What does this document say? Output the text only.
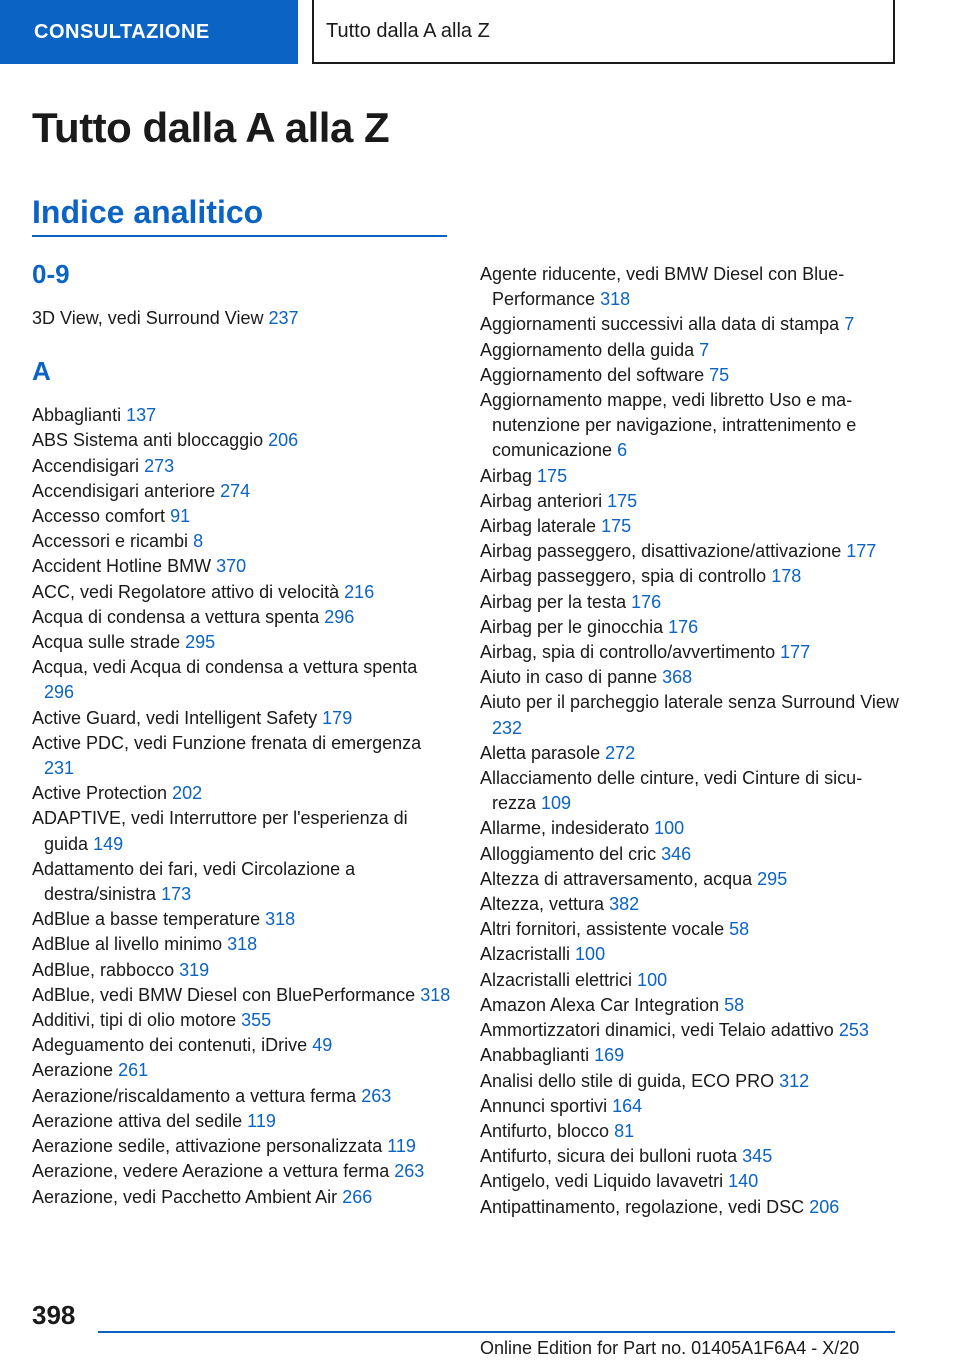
CONSULTAZIONE	Tutto dalla A alla Z
Tutto dalla A alla Z
Indice analitico
0-9
3D View, vedi Surround View 237
A
Abbaglianti 137
ABS Sistema anti bloccaggio 206
Accendisigari 273
Accendisigari anteriore 274
Accesso comfort 91
Accessori e ricambi 8
Accident Hotline BMW 370
ACC, vedi Regolatore attivo di velocità 216
Acqua di condensa a vettura spenta 296
Acqua sulle strade 295
Acqua, vedi Acqua di condensa a vettura spenta 296
Active Guard, vedi Intelligent Safety 179
Active PDC, vedi Funzione frenata di emergenza 231
Active Protection 202
ADAPTIVE, vedi Interruttore per l'esperienza di guida 149
Adattamento dei fari, vedi Circolazione a destra/sinistra 173
AdBlue a basse temperature 318
AdBlue al livello minimo 318
AdBlue, rabbocco 319
AdBlue, vedi BMW Diesel con BluePerformance 318
Additivi, tipi di olio motore 355
Adeguamento dei contenuti, iDrive 49
Aerazione 261
Aerazione/riscaldamento a vettura ferma 263
Aerazione attiva del sedile 119
Aerazione sedile, attivazione personalizzata 119
Aerazione, vedere Aerazione a vettura ferma 263
Aerazione, vedi Pacchetto Ambient Air 266
Agente riducente, vedi BMW Diesel con BluePerformance 318
Aggiornamenti successivi alla data di stampa 7
Aggiornamento della guida 7
Aggiornamento del software 75
Aggiornamento mappe, vedi libretto Uso e manutenzione per navigazione, intrattenimento e comunicazione 6
Airbag 175
Airbag anteriori 175
Airbag laterale 175
Airbag passeggero, disattivazione/attivazione 177
Airbag passeggero, spia di controllo 178
Airbag per la testa 176
Airbag per le ginocchia 176
Airbag, spia di controllo/avvertimento 177
Aiuto in caso di panne 368
Aiuto per il parcheggio laterale senza Surround View 232
Aletta parasole 272
Allacciamento delle cinture, vedi Cinture di sicurezza 109
Allarme, indesiderato 100
Alloggiamento del cric 346
Altezza di attraversamento, acqua 295
Altezza, vettura 382
Altri fornitori, assistente vocale 58
Alzacristalli 100
Alzacristalli elettrici 100
Amazon Alexa Car Integration 58
Ammortizzatori dinamici, vedi Telaio adattivo 253
Anabbaglianti 169
Analisi dello stile di guida, ECO PRO 312
Annunci sportivi 164
Antifurto, blocco 81
Antifurto, sicura dei bulloni ruota 345
Antigelo, vedi Liquido lavavetri 140
Antipattinamento, regolazione, vedi DSC 206
398
Online Edition for Part no. 01405A1F6A4 - X/20
